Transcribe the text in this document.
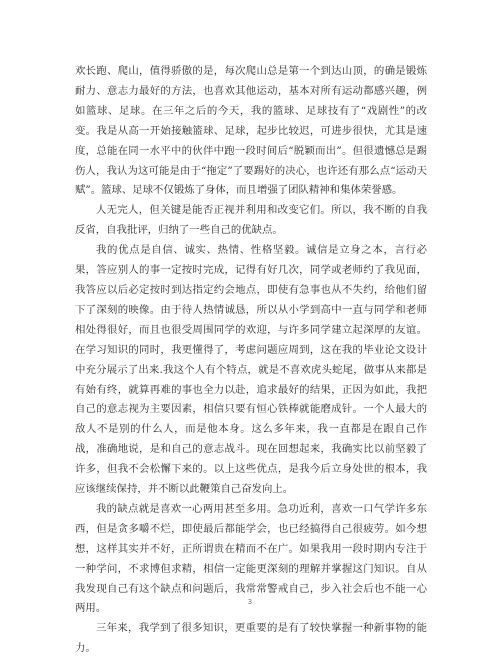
欢长跑、爬山，值得骄傲的是，每次爬山总是第一个到达山顶，的确是锻炼耐力、意志力最好的方法，也喜欢其他运动，基本对所有运动都感兴趣，例如篮球、足球。在三年之后的今天，我的篮球、足球技有了“戏剧性”的改变。我是从高一开始接触篮球、足球，起步比较迟，可进步很快，尤其是速度，总能在同一水平中的伙伴中跑一段时间后“脱颖而出”。但很遗憾总是踢伤人，我认为这可能是由于“拖定”了要踢好的决心，也许还有那么点“运动天赋”。篮球、足球不仅锻炼了身体，而且增强了团队精神和集体荣誉感。

人无完人，但关键是能否正视并利用和改变它们。所以，我不断的自我反省，自我批评，归纳了一些自己的优缺点。

我的优点是自信、诚实、热情、性格坚毅。诚信是立身之本，言行必果，答应别人的事一定按时完成，记得有好几次，同学或老师约了我见面，我答应以后必定按时到达指定约会地点，即使有急事也从不失约，给他们留下了深刻的映像。由于待人热情诚恳，所以从小学到高中一直与同学和老师相处得很好，而且也很受周围同学的欢迎，与许多同学建立起深厚的友谊。在学习知识的同时，我更懂得了，考虑问题应周到，这在我的毕业论文设计中充分展示了出来.我这个人有个特点，就是不喜欢虎头蛇尾，做事从来都是有始有终，就算再难的事也全力以赴，追求最好的结果，正因为如此，我把自己的意志视为主要因素，相信只要有恒心铁棒就能磨成针。一个人最大的敌人不是别的什么人，而是他本身。这么多年来，我一直都是在跟自己作战，准确地说，是和自己的意志战斗。现在回想起来，我确实比以前坚毅了许多，但我不会松懈下来的。以上这些优点，是我今后立身处世的根本，我应该继续保持，并不断以此鞭策自己奋发向上。

我的缺点就是喜欢一心两用甚至多用。急功近利，喜欢一口气学许多东西，但是贪多嚼不烂，即使最后都能学会，也已经搞得自己很疲劳。如今想想，这样其实并不好，正所谓贵在精而不在广。如果我用一段时期内专注于一种学问，不求博但求精，相信一定能更深刻的理解并掌握这门知识。自从我发现自己有这个缺点和问题后，我常常警戒自己，步入社会后也不能一心两用。

三年来，我学到了很多知识，更重要的是有了较快掌握一种新事物的能力。

3
